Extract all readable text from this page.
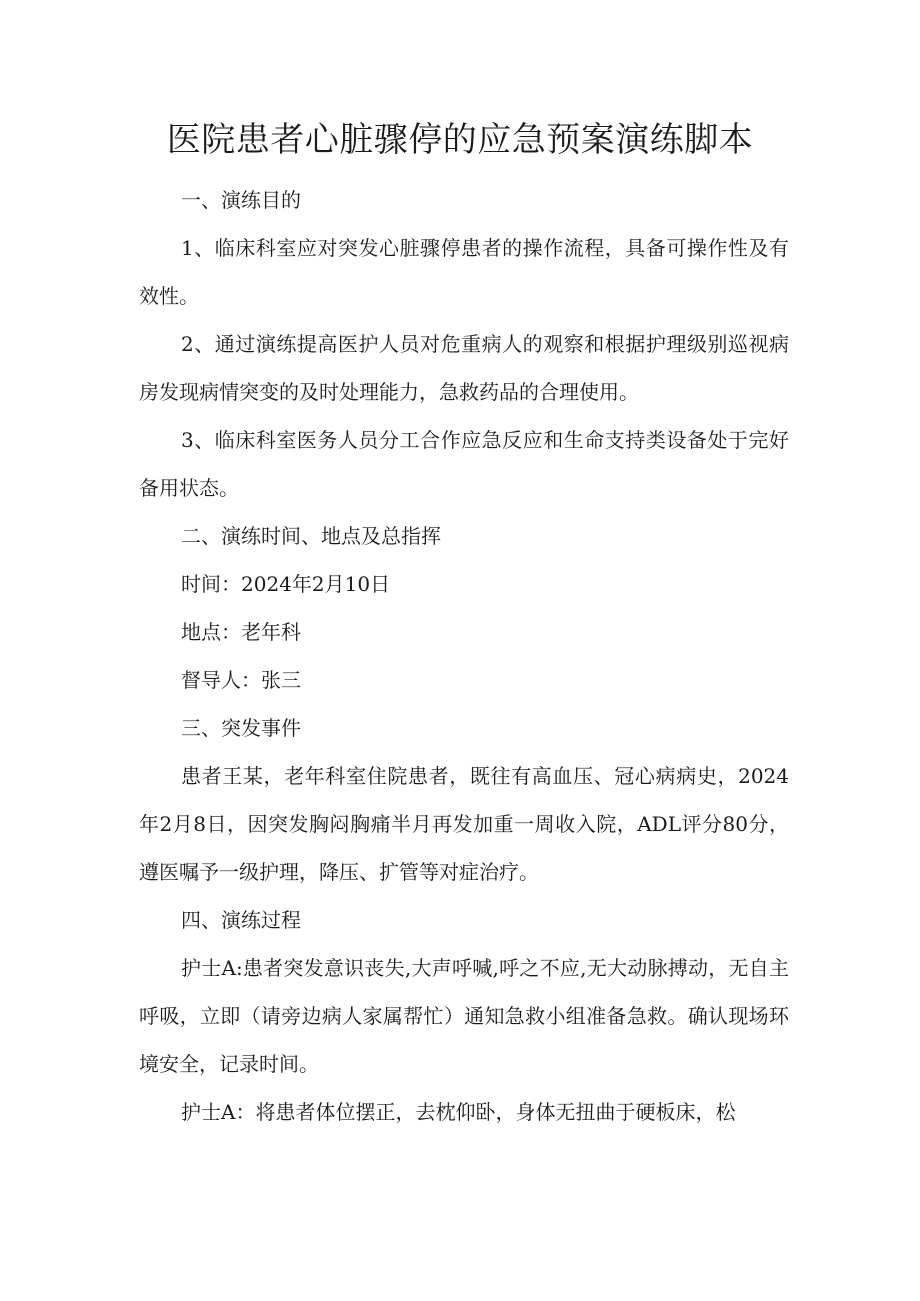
医院患者心脏骤停的应急预案演练脚本

一、演练目的

1、临床科室应对突发心脏骤停患者的操作流程，具备可操作性及有效性。

2、通过演练提高医护人员对危重病人的观察和根据护理级别巡视病房发现病情突变的及时处理能力，急救药品的合理使用。

3、临床科室医务人员分工合作应急反应和生命支持类设备处于完好备用状态。

二、演练时间、地点及总指挥

时间：2024年2月10日

地点：老年科

督导人：张三

三、突发事件

患者王某，老年科室住院患者，既往有高血压、冠心病病史，2024年2月8日，因突发胸闷胸痛半月再发加重一周收入院，ADL评分80分，遵医嘱予一级护理，降压、扩管等对症治疗。

四、演练过程

护士A:患者突发意识丧失,大声呼喊,呼之不应,无大动脉搏动，无自主呼吸，立即（请旁边病人家属帮忙）通知急救小组准备急救。确认现场环境安全，记录时间。

护士A：将患者体位摆正，去枕仰卧，身体无扭曲于硬板床，松
